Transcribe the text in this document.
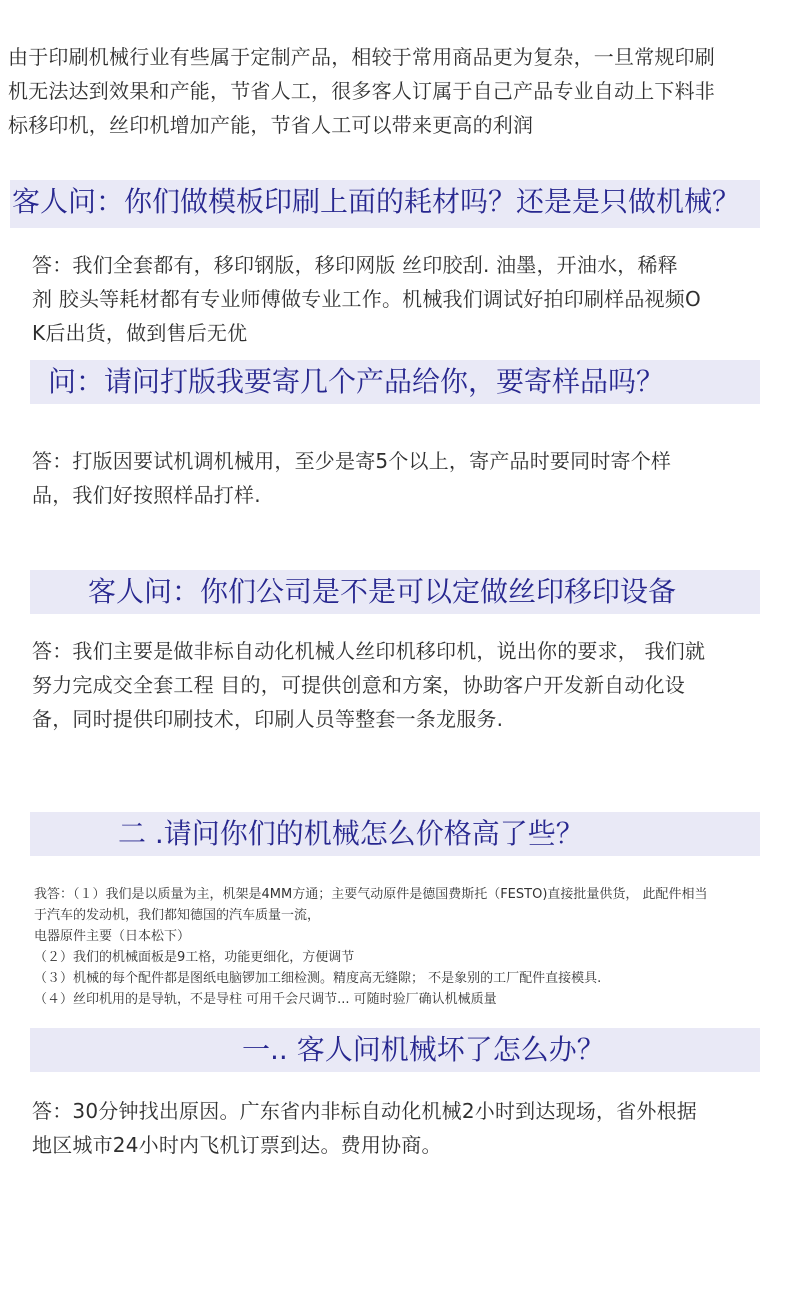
由于印刷机械行业有些属于定制产品，相较于常用商品更为复杂，一旦常规印刷
机无法达到效果和产能，节省人工，很多客人订属于自己产品专业自动上下料非
标移印机，丝印机增加产能，节省人工可以带来更高的利润
客人问：你们做模板印刷上面的耗材吗？还是是只做机械？
答：我们全套都有，移印钢版，移印网版 丝印胶刮. 油墨，开油水，稀释
剂 胶头等耗材都有专业师傅做专业工作。机械我们调试好拍印刷样品视频O
K后出货，做到售后无优
问：请问打版我要寄几个产品给你，要寄样品吗？
答：打版因要试机调机械用，至少是寄5个以上，寄产品时要同时寄个样
品，我们好按照样品打样.
客人问：你们公司是不是可以定做丝印移印设备
答：我们主要是做非标自动化机械人丝印机移印机，说出你的要求， 我们就
努力完成交全套工程 目的，可提供创意和方案，协助客户开发新自动化设
备，同时提供印刷技术，印刷人员等整套一条龙服务.
二 .请问你们的机械怎么价格高了些？
我答：（１）我们是以质量为主，机架是4MM方通；主要气动原件是德国费斯托（FESTO)直接批量供货， 此配件相当
于汽车的发动机，我们都知德国的汽车质量一流，
电器原件主要（日本松下）
（２）我们的机械面板是9工格，功能更细化，方便调节
（３）机械的每个配件都是图纸电脑锣加工细检测。精度高无缝隙； 不是象别的工厂配件直接模具.
（４）丝印机用的是导轨，不是导柱 可用千会尺调节... 可随时验厂确认机械质量
一.. 客人问机械坏了怎么办？
答：30分钟找出原因。广东省内非标自动化机械2小时到达现场，省外根据
地区城市24小时内飞机订票到达。费用协商。
